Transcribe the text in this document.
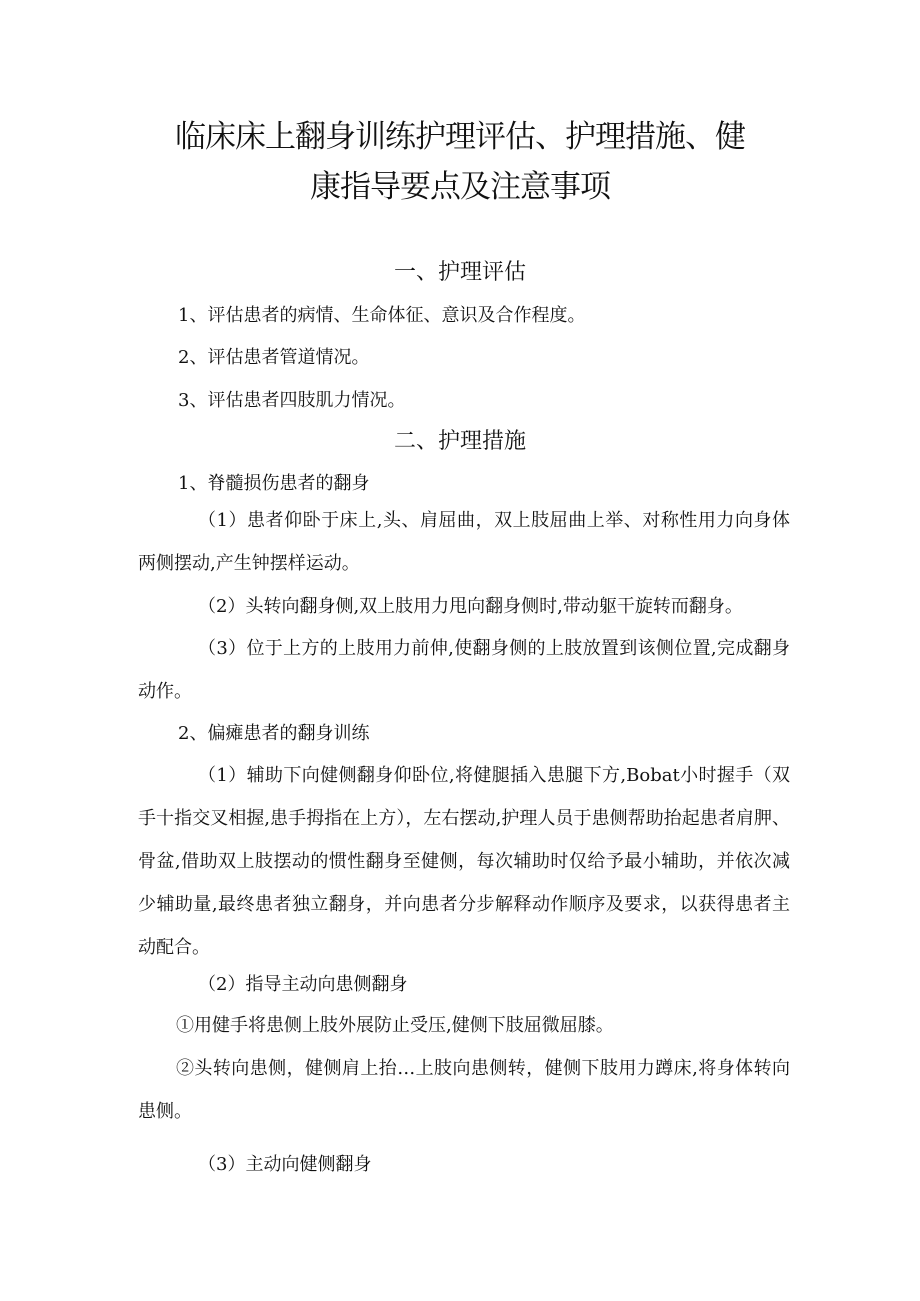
临床床上翻身训练护理评估、护理措施、健
康指导要点及注意事项
一、护理评估

1、评估患者的病情、生命体征、意识及合作程度。

2、评估患者管道情况。

3、评估患者四肢肌力情况。

二、护理措施

1、脊髓损伤患者的翻身

（1）患者仰卧于床上,头、肩屈曲，双上肢屈曲上举、对称性用力向身体两侧摆动,产生钟摆样运动。

（2）头转向翻身侧,双上肢用力甩向翻身侧时,带动躯干旋转而翻身。

（3）位于上方的上肢用力前伸,使翻身侧的上肢放置到该侧位置,完成翻身动作。

2、偏瘫患者的翻身训练

（1）辅助下向健侧翻身仰卧位,将健腿插入患腿下方,Bobat小时握手（双手十指交叉相握,患手拇指在上方），左右摆动,护理人员于患侧帮助抬起患者肩胛、骨盆,借助双上肢摆动的惯性翻身至健侧，每次辅助时仅给予最小辅助，并依次减少辅助量,最终患者独立翻身，并向患者分步解释动作顺序及要求，以获得患者主动配合。

（2）指导主动向患侧翻身

①用健手将患侧上肢外展防止受压,健侧下肢屈微屈膝。

②头转向患侧，健侧肩上抬…上肢向患侧转，健侧下肢用力蹲床,将身体转向患侧。

（3）主动向健侧翻身
